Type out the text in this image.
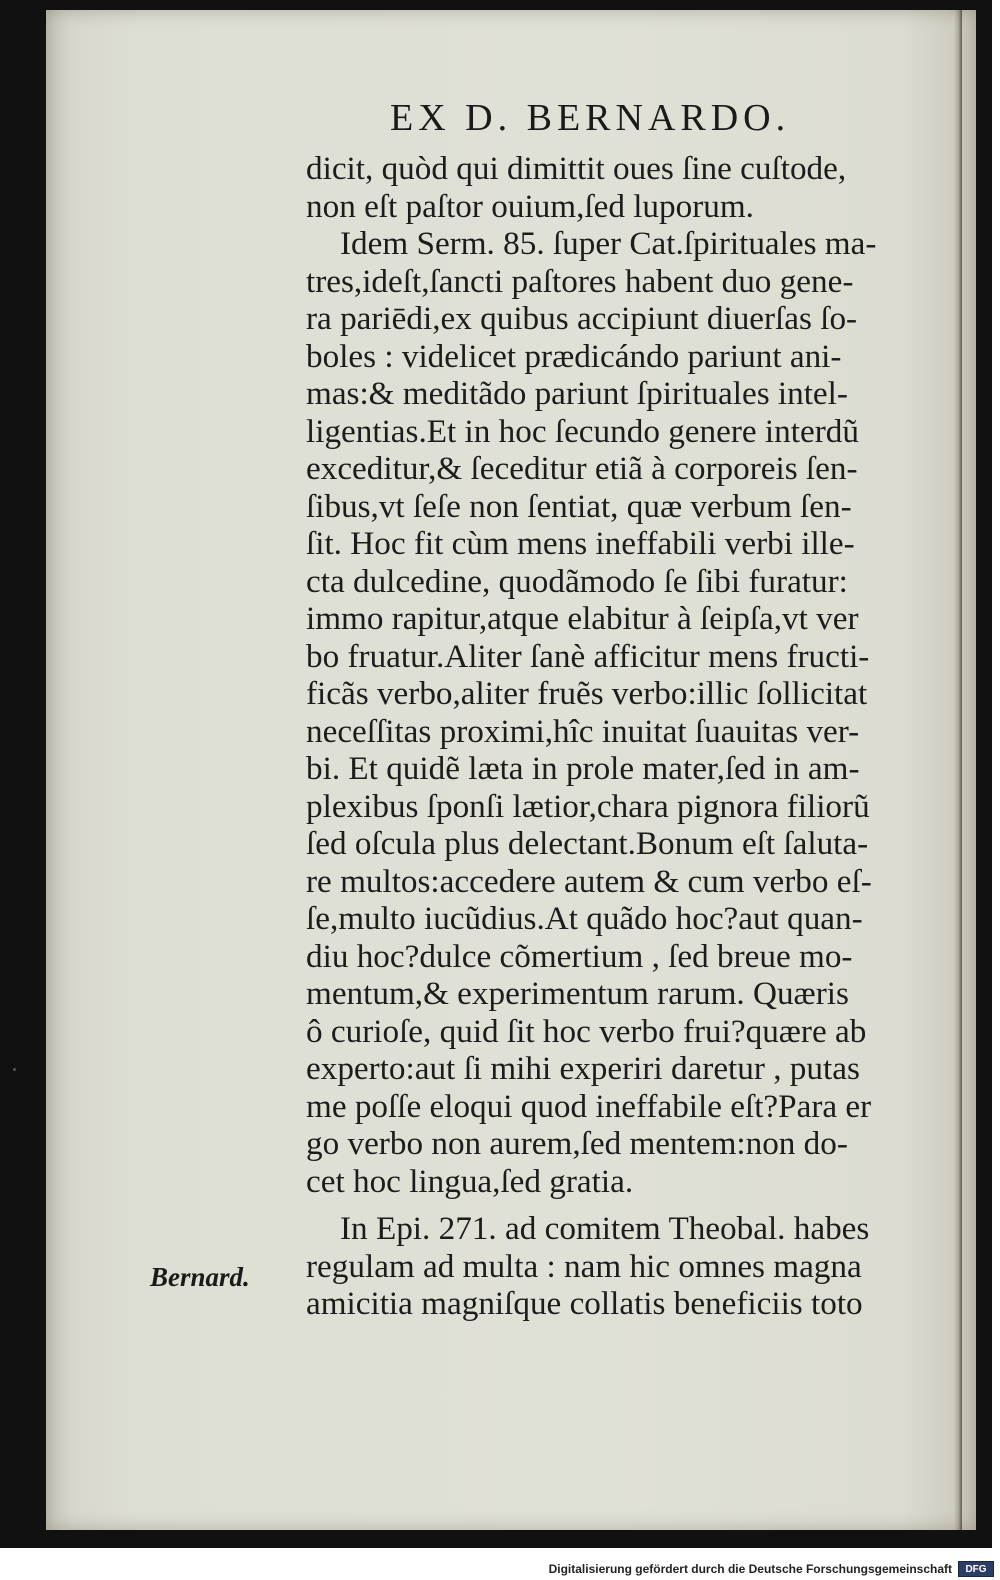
EX D. BERNARDO.
dicit, quòd qui dimittit oues ſine cuſtode,
non eſt paſtor ouium,ſed luporum.
Idem Serm. 85. ſuper Cat.ſpirituales ma-
tres,ideſt,ſancti paſtores habent duo gene-
ra pariēdi,ex quibus accipiunt diuerſas ſo-
boles : videlicet prædicándo pariunt ani-
mas:& meditãdo pariunt ſpirituales intel-
ligentias.Et in hoc ſecundo genere interdũ
exceditur,& ſeceditur etiã à corporeis ſen-
ſibus,vt ſeſe non ſentiat, quæ verbum ſen-
ſit. Hoc fit cùm mens ineffabili verbi ille-
cta dulcedine, quodãmodo ſe ſibi furatur:
immo rapitur,atque elabitur à ſeipſa,vt ver
bo fruatur.Aliter ſanè afficitur mens fructi-
ficãs verbo,aliter fruẽs verbo:illic ſollicitat
neceſſitas proximi,hîc inuitat ſuauitas ver-
bi. Et quidẽ læta in prole mater,ſed in am-
plexibus ſponſi lætior,chara pignora filiorũ
ſed oſcula plus delectant.Bonum eſt ſaluta-
re multos:accedere autem & cum verbo eſ-
ſe,multo iucũdius.At quãdo hoc?aut quan-
diu hoc?dulce cõmertium , ſed breue mo-
mentum,& experimentum rarum. Quæris
ô curioſe, quid ſit hoc verbo frui?quære ab
experto:aut ſi mihi experiri daretur , putas
me poſſe eloqui quod ineffabile eſt?Para er
go verbo non aurem,ſed mentem:non do-
cet hoc lingua,ſed gratia.
In Epi. 271. ad comitem Theobal. habes
regulam ad multa : nam hic omnes magna
amicitia magniſque collatis beneficiis toto
Bernard.
Digitalisierung gefördert durch die Deutsche Forschungsgemeinschaft	DFG
